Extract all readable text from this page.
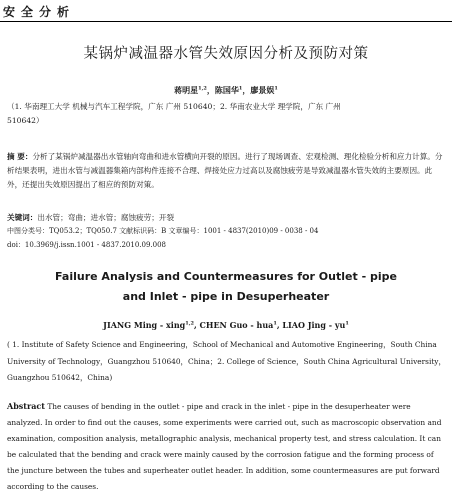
安全分析
某锅炉减温器水管失效原因分析及预防对策
蒋明星$^{1,2}$，陈国华$^1$，廖景娱$^1$
（1. 华南理工大学 机械与汽车工程学院，广东 广州 510640；2. 华南农业大学 理学院，广东 广州
510642）
摘 要：分析了某锅炉减温器出水管轴向弯曲和进水管横向开裂的原因。进行了现场调查、宏观检测、理化检验分析和应力计算。分析结果表明，进出水管与减温器集箱内部构件连接不合理、焊接处应力过高以及腐蚀疲劳是导致减温器水管失效的主要原因。此外，还提出失效原因提出了相应的预防对策。
关键词：出水管；弯曲；进水管；腐蚀疲劳；开裂
中图分类号：TQ053.2；TQ050.7 文献标识码：B 文章编号：1001 - 4837(2010)09 - 0038 - 04
doi：10.3969/j.issn.1001 - 4837.2010.09.008
Failure Analysis and Countermeasures for Outlet - pipe
and Inlet - pipe in Desuperheater
JIANG Ming - xing$^{1,2}$, CHEN Guo - hua$^1$, LIAO Jing - $yu^1$
( 1. Institute of Safety Science and Engineering，School of Mechanical and Automotive Engineering，South China University of Technology，Guangzhou 510640，China；2. College of Science，South China Agricultural University，Guangzhou 510642，China)
Abstract The causes of bending in the outlet - pipe and crack in the inlet - pipe in the desuperheater were analyzed. In order to find out the causes, some experiments were carried out, such as macroscopic observation and examination, composition analysis, metallographic analysis, mechanical property test, and stress calculation. It can be calculated that the bending and crack were mainly caused by the corrosion fatigue and the forming process of the juncture between the tubes and superheater outlet header. In addition, some countermeasures are put forward according to the causes.
